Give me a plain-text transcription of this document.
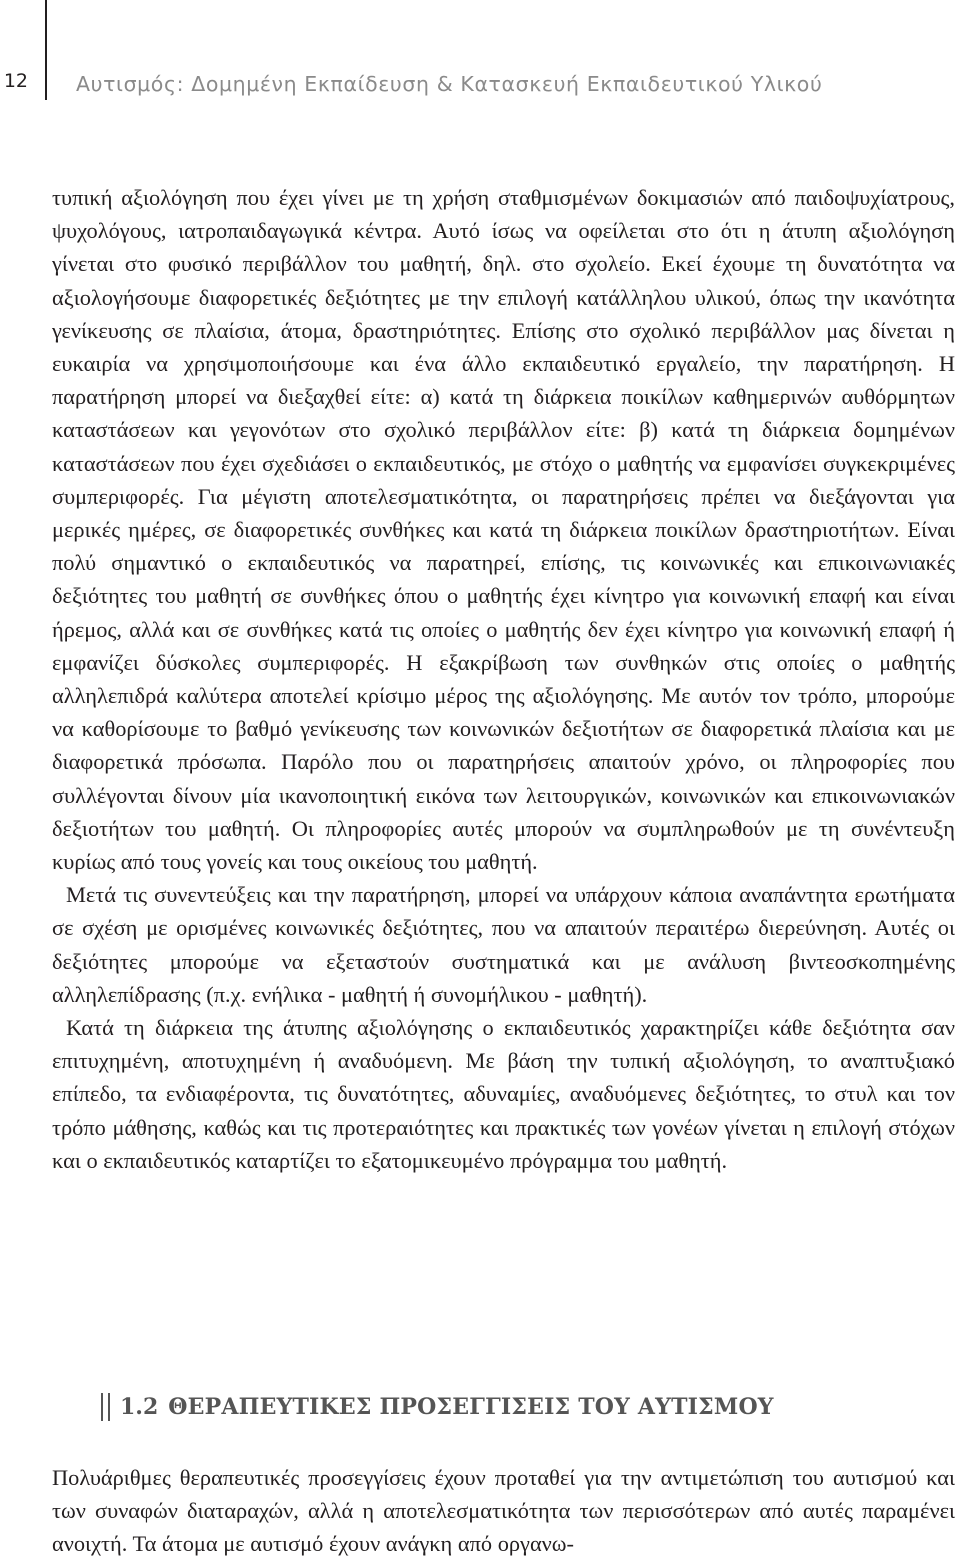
12 Αυτισμός: Δομημένη Εκπαίδευση & Κατασκευή Εκπαιδευτικού Υλικού

τυπική αξιολόγηση που έχει γίνει με τη χρήση σταθμισμένων δοκιμασιών από παιδοψυχίατρους, ψυχολόγους, ιατροπαιδαγωγικά κέντρα. Αυτό ίσως να οφείλεται στο ότι η άτυπη αξιολόγηση γίνεται στο φυσικό περιβάλλον του μαθητή, δηλ. στο σχολείο. Εκεί έχουμε τη δυνατότητα να αξιολογήσουμε διαφορετικές δεξιότητες με την επιλογή κατάλληλου υλικού, όπως την ικανότητα γενίκευσης σε πλαίσια, άτομα, δραστηριότητες. Επίσης στο σχολικό περιβάλλον μας δίνεται η ευκαιρία να χρησιμοποιήσουμε και ένα άλλο εκπαιδευτικό εργαλείο, την παρατήρηση. Η παρατήρηση μπορεί να διεξαχθεί είτε: α) κατά τη διάρκεια ποικίλων καθημερινών αυθόρμητων καταστάσεων και γεγονότων στο σχολικό περιβάλλον είτε: β) κατά τη διάρκεια δομημένων καταστάσεων που έχει σχεδιάσει ο εκπαιδευτικός, με στόχο ο μαθητής να εμφανίσει συγκεκριμένες συμπεριφορές. Για μέγιστη αποτελεσματικότητα, οι παρατηρήσεις πρέπει να διεξάγονται για μερικές ημέρες, σε διαφορετικές συνθήκες και κατά τη διάρκεια ποικίλων δραστηριοτήτων. Είναι πολύ σημαντικό ο εκπαιδευτικός να παρατηρεί, επίσης, τις κοινωνικές και επικοινωνιακές δεξιότητες του μαθητή σε συνθήκες όπου ο μαθητής έχει κίνητρο για κοινωνική επαφή και είναι ήρεμος, αλλά και σε συνθήκες κατά τις οποίες ο μαθητής δεν έχει κίνητρο για κοινωνική επαφή ή εμφανίζει δύσκολες συμπεριφορές. Η εξακρίβωση των συνθηκών στις οποίες ο μαθητής αλληλεπιδρά καλύτερα αποτελεί κρίσιμο μέρος της αξιολόγησης. Με αυτόν τον τρόπο, μπορούμε να καθορίσουμε το βαθμό γενίκευσης των κοινωνικών δεξιοτήτων σε διαφορετικά πλαίσια και με διαφορετικά πρόσωπα. Παρόλο που οι παρατηρήσεις απαιτούν χρόνο, οι πληροφορίες που συλλέγονται δίνουν μία ικανοποιητική εικόνα των λειτουργικών, κοινωνικών και επικοινωνιακών δεξιοτήτων του μαθητή. Οι πληροφορίες αυτές μπορούν να συμπληρωθούν με τη συνέντευξη κυρίως από τους γονείς και τους οικείους του μαθητή.

Μετά τις συνεντεύξεις και την παρατήρηση, μπορεί να υπάρχουν κάποια αναπάντητα ερωτήματα σε σχέση με ορισμένες κοινωνικές δεξιότητες, που να απαιτούν περαιτέρω διερεύνηση. Αυτές οι δεξιότητες μπορούμε να εξεταστούν συστηματικά και με ανάλυση βιντεοσκοπημένης αλληλεπίδρασης (π.χ. ενήλικα - μαθητή ή συνομήλικου - μαθητή).

Κατά τη διάρκεια της άτυπης αξιολόγησης ο εκπαιδευτικός χαρακτηρίζει κάθε δεξιότητα σαν επιτυχημένη, αποτυχημένη ή αναδυόμενη. Με βάση την τυπική αξιολόγηση, το αναπτυξιακό επίπεδο, τα ενδιαφέροντα, τις δυνατότητες, αδυναμίες, αναδυόμενες δεξιότητες, το στυλ και τον τρόπο μάθησης, καθώς και τις προτεραιότητες και πρακτικές των γονέων γίνεται η επιλογή στόχων και ο εκπαιδευτικός καταρτίζει το εξατομικευμένο πρόγραμμα του μαθητή.

1.2 ΘΕΡΑΠΕΥΤΙΚΕΣ ΠΡΟΣΕΓΓΙΣΕΙΣ ΤΟΥ ΑΥΤΙΣΜΟΥ

Πολυάριθμες θεραπευτικές προσεγγίσεις έχουν προταθεί για την αντιμετώπιση του αυτισμού και των συναφών διαταραχών, αλλά η αποτελεσματικότητα των περισσότερων από αυτές παραμένει ανοιχτή. Τα άτομα με αυτισμό έχουν ανάγκη από οργανω-
